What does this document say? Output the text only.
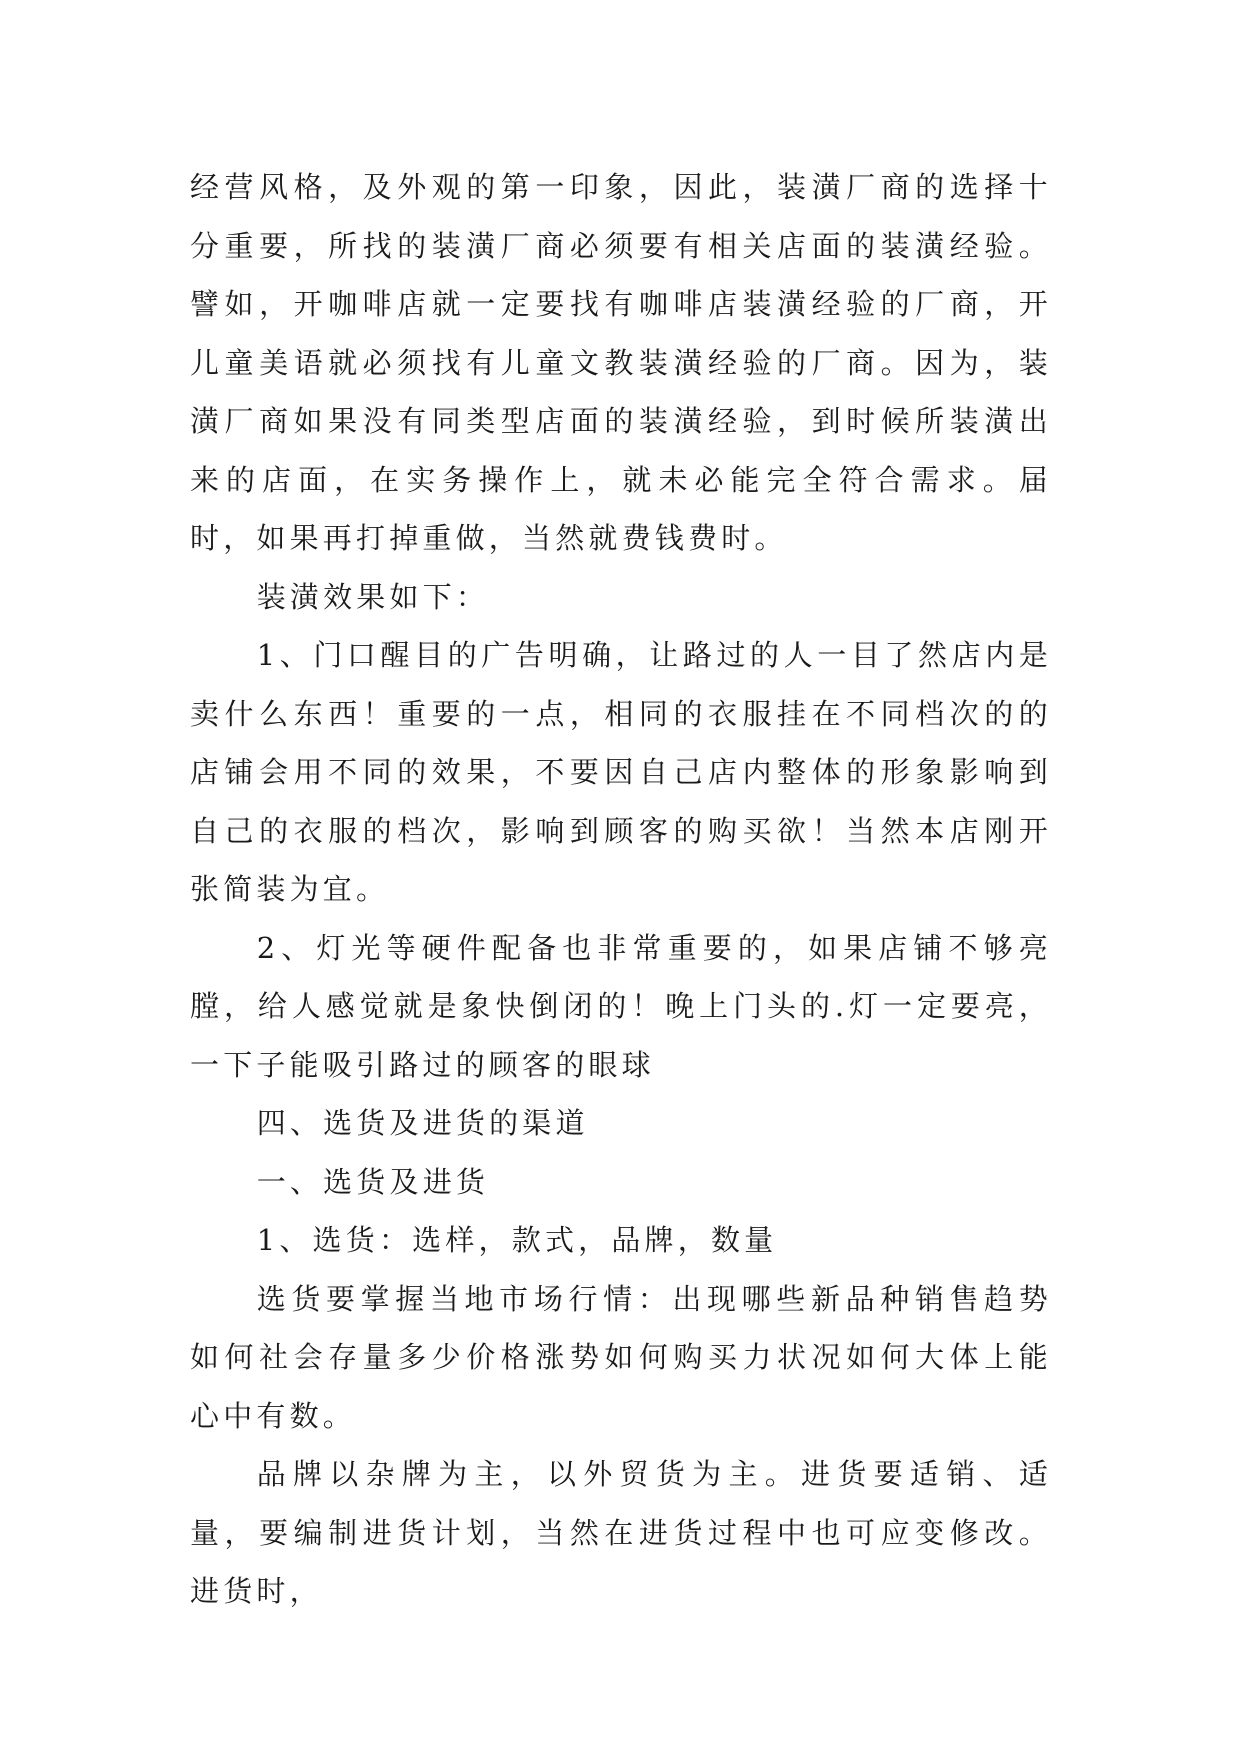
经营风格，及外观的第一印象，因此，装潢厂商的选择十分重要，所找的装潢厂商必须要有相关店面的装潢经验。譬如，开咖啡店就一定要找有咖啡店装潢经验的厂商，开儿童美语就必须找有儿童文教装潢经验的厂商。因为，装潢厂商如果没有同类型店面的装潢经验，到时候所装潢出来的店面，在实务操作上，就未必能完全符合需求。届时，如果再打掉重做，当然就费钱费时。

装潢效果如下：

1、门口醒目的广告明确，让路过的人一目了然店内是卖什么东西！重要的一点，相同的衣服挂在不同档次的的店铺会用不同的效果，不要因自己店内整体的形象影响到自己的衣服的档次，影响到顾客的购买欲！当然本店刚开张简装为宜。

2、灯光等硬件配备也非常重要的，如果店铺不够亮膛，给人感觉就是象快倒闭的！晚上门头的.灯一定要亮，一下子能吸引路过的顾客的眼球

四、选货及进货的渠道

一、选货及进货

1、选货：选样，款式，品牌，数量

选货要掌握当地市场行情：出现哪些新品种销售趋势如何社会存量多少价格涨势如何购买力状况如何大体上能心中有数。

品牌以杂牌为主，以外贸货为主。进货要适销、适量，要编制进货计划，当然在进货过程中也可应变修改。进货时，
